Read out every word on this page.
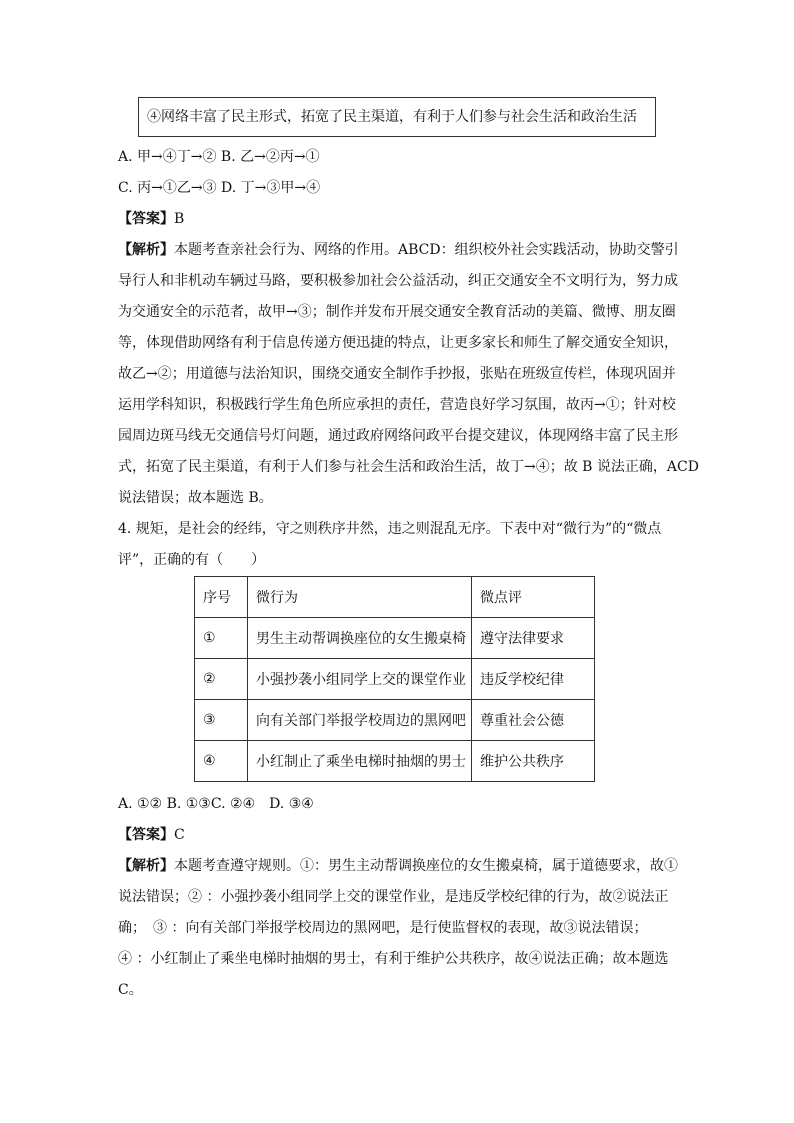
④网络丰富了民主形式，拓宽了民主渠道，有利于人们参与社会生活和政治生活
A. 甲→④丁→② B. 乙→②丙→①
C. 丙→①乙→③ D. 丁→③甲→④
【答案】B
【解析】本题考查亲社会行为、网络的作用。ABCD：组织校外社会实践活动，协助交警引
导行人和非机动车辆过马路，要积极参加社会公益活动，纠正交通安全不文明行为，努力成
为交通安全的示范者，故甲→③；制作并发布开展交通安全教育活动的美篇、微博、朋友圈
等，体现借助网络有利于信息传递方便迅捷的特点，让更多家长和师生了解交通安全知识，
故乙→②；用道德与法治知识，围绕交通安全制作手抄报，张贴在班级宣传栏，体现巩固并
运用学科知识，积极践行学生角色所应承担的责任，营造良好学习氛围，故丙→①；针对校
园周边斑马线无交通信号灯问题，通过政府网络问政平台提交建议，体现网络丰富了民主形
式，拓宽了民主渠道，有利于人们参与社会生活和政治生活，故丁→④；故 B 说法正确，ACD
说法错误；故本题选 B。
4. 规矩，是社会的经纬，守之则秩序井然，违之则混乱无序。下表中对“微行为”的“微点
评”，正确的有（　　）
序号	微行为	微点评
①	男生主动帮调换座位的女生搬桌椅	遵守法律要求
②	小强抄袭小组同学上交的课堂作业	违反学校纪律
③	向有关部门举报学校周边的黑网吧	尊重社会公德
④	小红制止了乘坐电梯时抽烟的男士	维护公共秩序
A. ①② B. ①③C. ②④　D. ③④
【答案】C
【解析】本题考查遵守规则。①：男生主动帮调换座位的女生搬桌椅，属于道德要求，故①
说法错误；② ：小强抄袭小组同学上交的课堂作业，是违反学校纪律的行为，故②说法正
确；　③ ：向有关部门举报学校周边的黑网吧，是行使监督权的表现，故③说法错误；
④ ：小红制止了乘坐电梯时抽烟的男士，有利于维护公共秩序，故④说法正确；故本题选
C。
